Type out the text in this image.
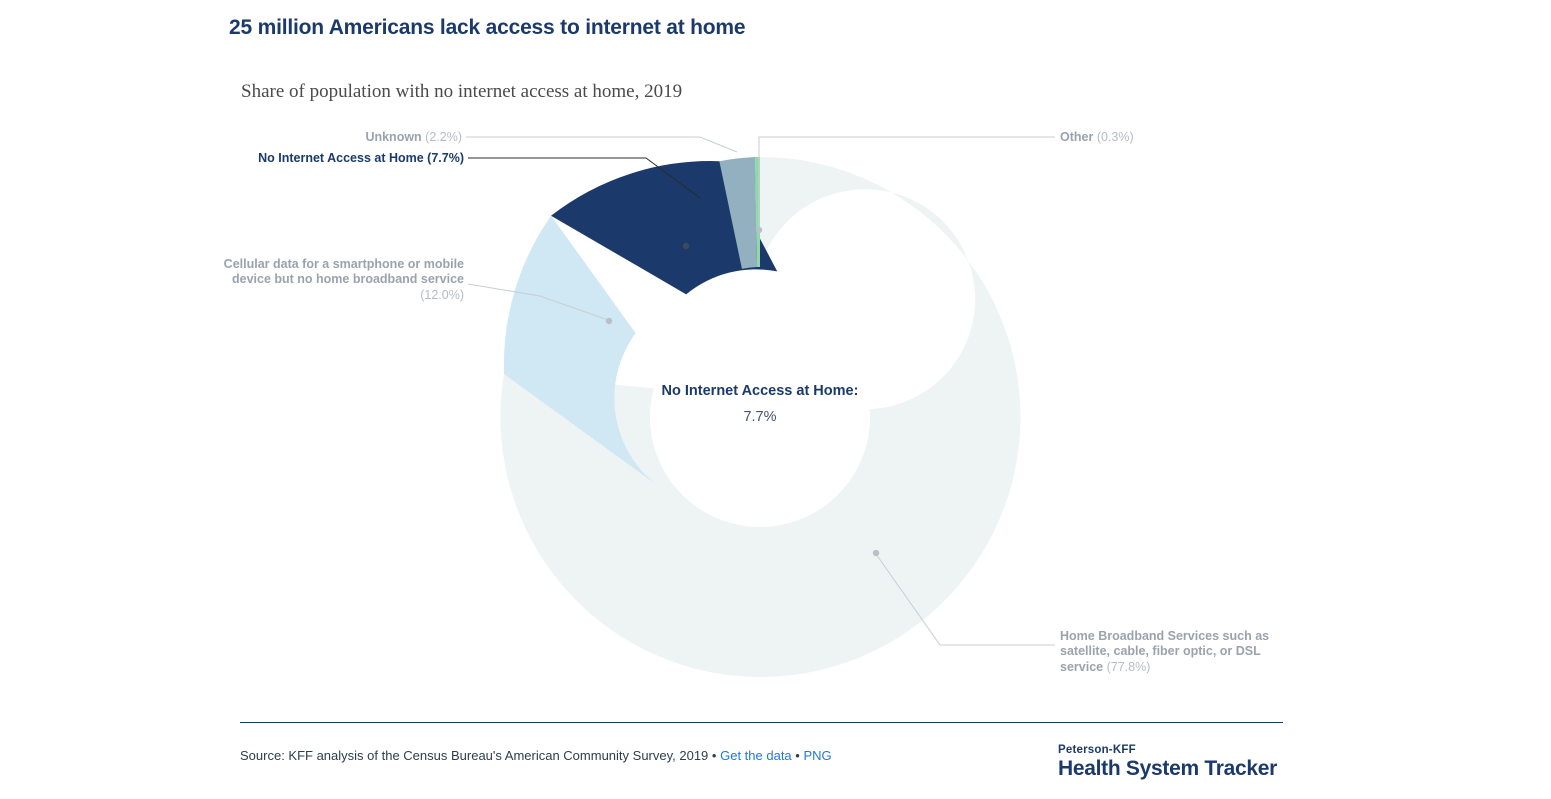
25 million Americans lack access to internet at home
Share of population with no internet access at home, 2019
No Internet Access at Home:
7.7%
Unknown (2.2%)
No Internet Access at Home (7.7%)
Cellular data for a smartphone or mobile device but no home broadband service (12.0%)
Other (0.3%)
Home Broadband Services such as satellite, cable, fiber optic, or DSL service (77.8%)
Source: KFF analysis of the Census Bureau's American Community Survey, 2019 • Get the data • PNG	Peterson-KFF
Health System Tracker
